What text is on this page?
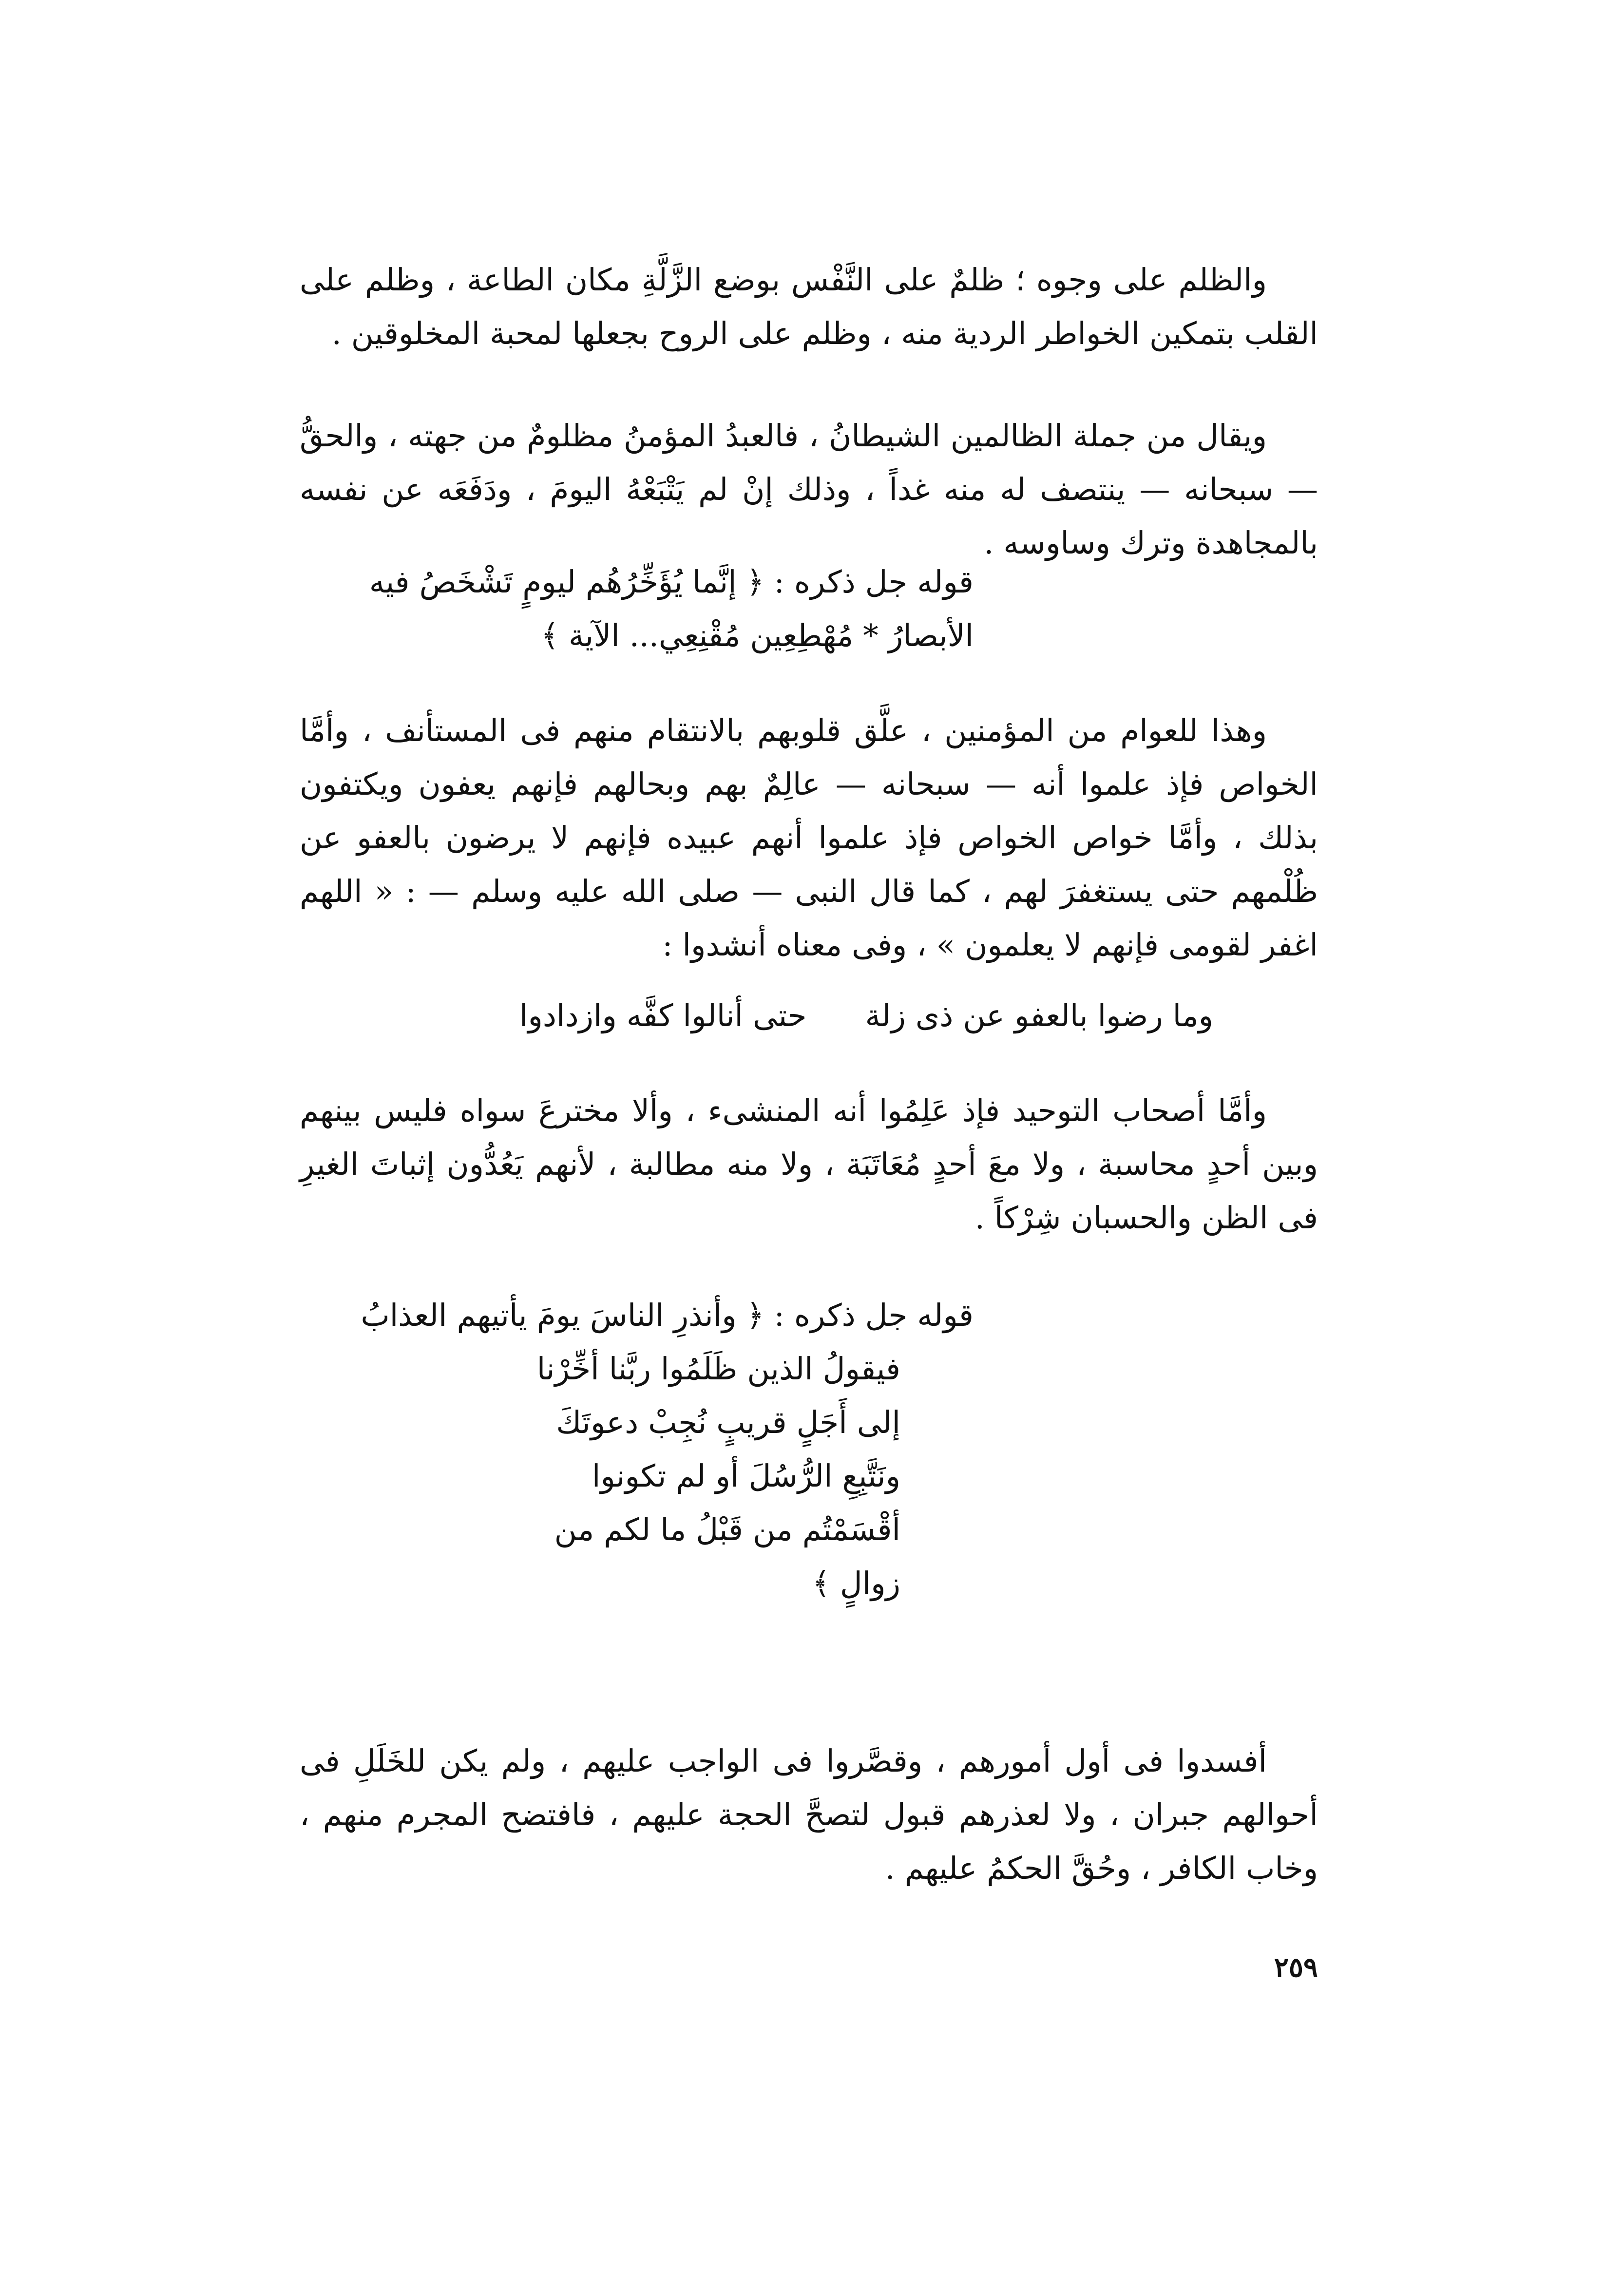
والظلم على وجوه ؛ ظلمٌ على النَّفْس بوضع الزَّلَّةِ مكان الطاعة ، وظلم على القلب بتمكين الخواطر الردية منه ، وظلم على الروح بجعلها لمحبة المخلوقين .

ويقال من جملة الظالمين الشيطانُ ، فالعبدُ المؤمنُ مظلومٌ من جهته ، والحقُّ — سبحانه — ينتصف له منه غداً ، وذلك إنْ لم يَتْبَعْهُ اليومَ ، ودَفَعَه عن نفسه بالمجاهدة وترك وساوسه .

قوله جل ذكره : ﴿ إنَّما يُؤَخِّرُهُم ليومٍ تَشْخَصُ فيه
الأبصارُ * مُهْطِعِين مُقْنِعِي... الآية ﴾

وهذا للعوام من المؤمنين ، علَّق قلوبهم بالانتقام منهم فى المستأنف ، وأمَّا الخواص فإذ علموا أنه — سبحانه — عالِمٌ بهم وبحالهم فإنهم يعفون ويكتفون بذلك ، وأمَّا خواص الخواص فإذ علموا أنهم عبيده فإنهم لا يرضون بالعفو عن ظُلْمهم حتى يستغفرَ لهم ، كما قال النبى — صلى الله عليه وسلم — : « اللهم اغفر لقومى فإنهم لا يعلمون » ، وفى معناه أنشدوا :

وما رضوا بالعفو عن ذى زلةحتى أنالوا كفَّه وازدادوا

وأمَّا أصحاب التوحيد فإذ عَلِمُوا أنه المنشىء ، وألا مخترعَ سواه فليس بينهم وبين أحدٍ محاسبة ، ولا معَ أحدٍ مُعَاتَبَة ، ولا منه مطالبة ، لأنهم يَعُدُّون إثباتَ الغيرِ فى الظن والحسبان شِرْكاً .

قوله جل ذكره : ﴿ وأنذرِ الناسَ يومَ يأتيهم العذابُ
فيقولُ الذين ظَلَمُوا ربَّنا أخِّرْنا
إلى أَجَلٍ قريبٍ نُجِبْ دعوتَكَ
ونَتَّبِعِ الرُّسُلَ أو لم تكونوا
أقْسَمْتُم من قَبْلُ ما لكم من
زوالٍ ﴾

أفسدوا فى أول أمورهم ، وقصَّروا فى الواجب عليهم ، ولم يكن للخَلَلِ فى أحوالهم جبران ، ولا لعذرهم قبول لتصحَّ الحجة عليهم ، فافتضح المجرم منهم ، وخاب الكافر ، وحُقَّ الحكمُ عليهم .

٢٥٩
